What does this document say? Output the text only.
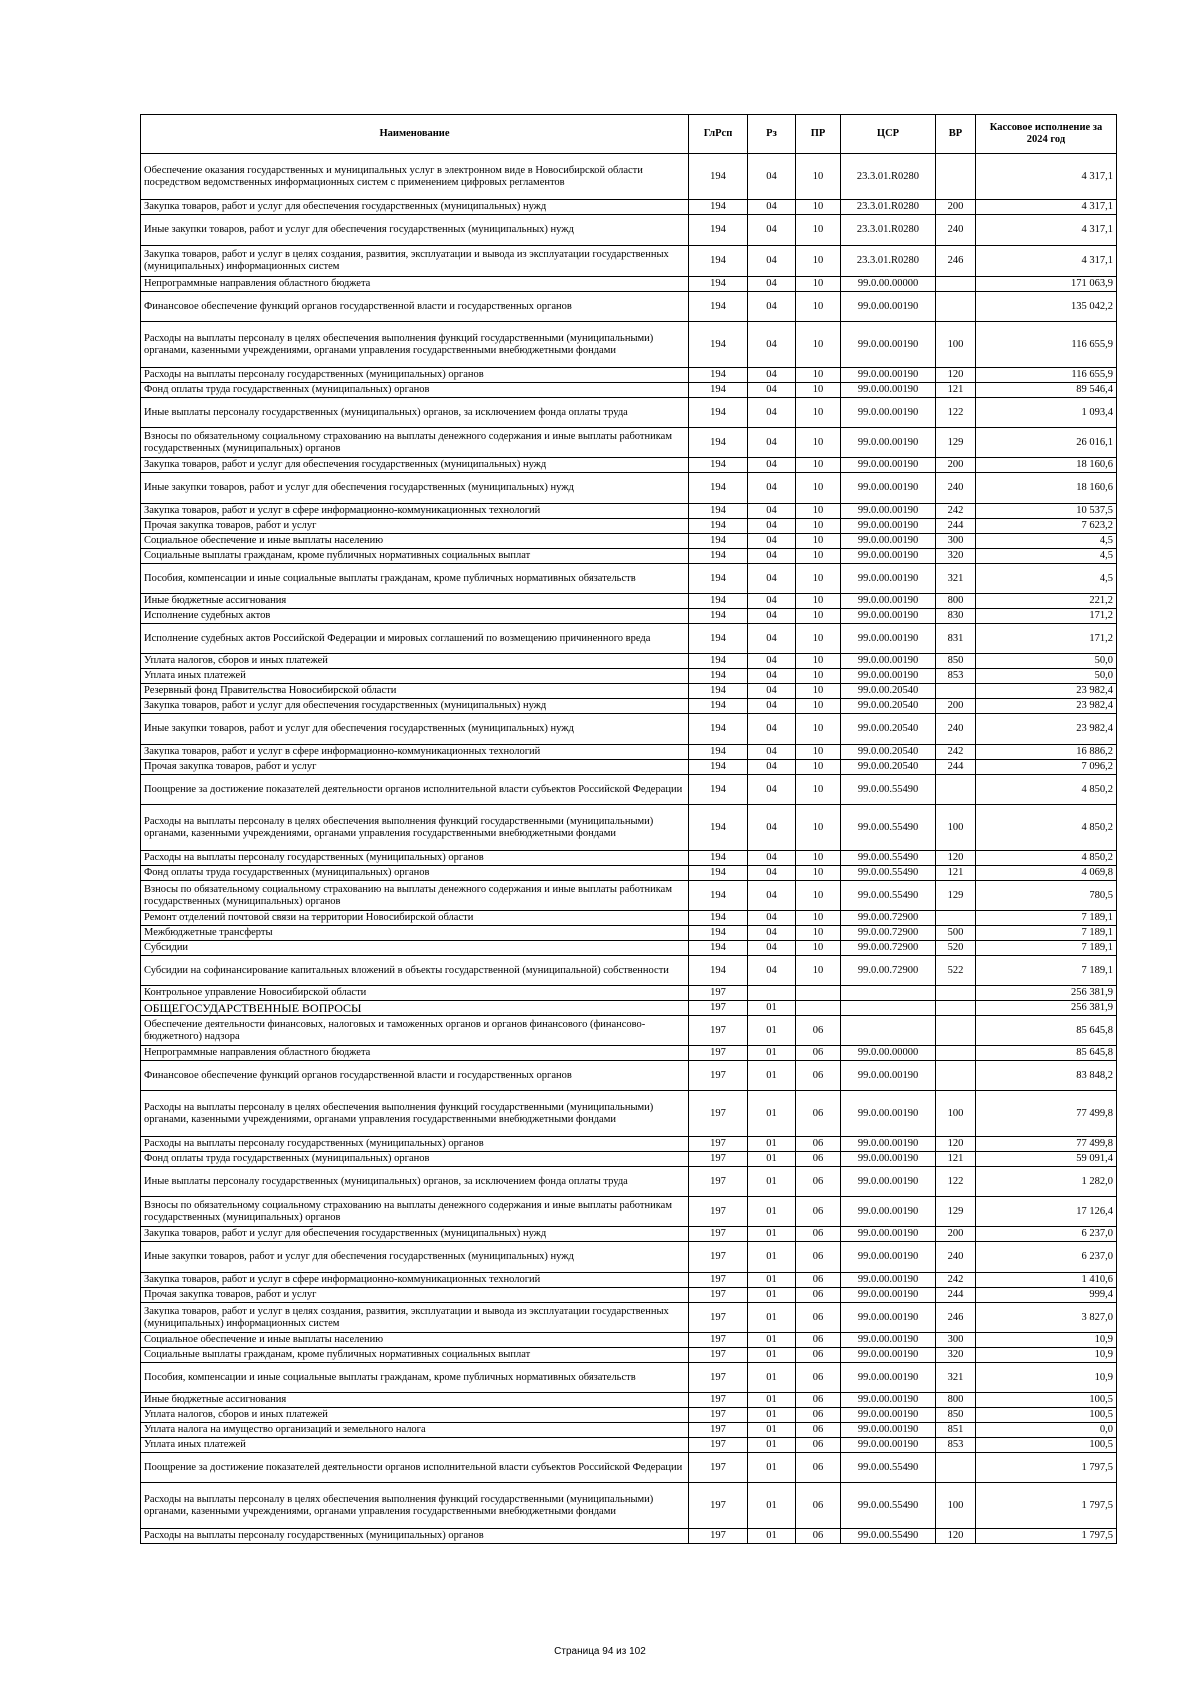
Наименование	ГлРсп	Рз	ПР	ЦСР	ВР	Кассовое исполнение за 2024 год
Обеспечение оказания государственных и муниципальных услуг в электронном виде в Новосибирской области посредством ведомственных информационных систем с применением цифровых регламентов	194	04	10	23.3.01.R0280		4 317,1
Закупка товаров, работ и услуг для обеспечения государственных (муниципальных) нужд	194	04	10	23.3.01.R0280	200	4 317,1
Иные закупки товаров, работ и услуг для обеспечения государственных (муниципальных) нужд	194	04	10	23.3.01.R0280	240	4 317,1
Закупка товаров, работ и услуг в целях создания, развития, эксплуатации и вывода из эксплуатации государственных (муниципальных) информационных систем	194	04	10	23.3.01.R0280	246	4 317,1
Непрограммные направления областного бюджета	194	04	10	99.0.00.00000		171 063,9
Финансовое обеспечение функций органов государственной власти и государственных органов	194	04	10	99.0.00.00190		135 042,2
Расходы на выплаты персоналу в целях обеспечения выполнения функций государственными (муниципальными) органами, казенными учреждениями, органами управления государственными внебюджетными фондами	194	04	10	99.0.00.00190	100	116 655,9
Расходы на выплаты персоналу государственных (муниципальных) органов	194	04	10	99.0.00.00190	120	116 655,9
Фонд оплаты труда государственных (муниципальных) органов	194	04	10	99.0.00.00190	121	89 546,4
Иные выплаты персоналу государственных (муниципальных) органов, за исключением фонда оплаты труда	194	04	10	99.0.00.00190	122	1 093,4
Взносы по обязательному социальному страхованию на выплаты денежного содержания и иные выплаты работникам государственных (муниципальных) органов	194	04	10	99.0.00.00190	129	26 016,1
Закупка товаров, работ и услуг для обеспечения государственных (муниципальных) нужд	194	04	10	99.0.00.00190	200	18 160,6
Иные закупки товаров, работ и услуг для обеспечения государственных (муниципальных) нужд	194	04	10	99.0.00.00190	240	18 160,6
Закупка товаров, работ и услуг в сфере информационно-коммуникационных технологий	194	04	10	99.0.00.00190	242	10 537,5
Прочая закупка товаров, работ и услуг	194	04	10	99.0.00.00190	244	7 623,2
Социальное обеспечение и иные выплаты населению	194	04	10	99.0.00.00190	300	4,5
Социальные выплаты гражданам, кроме публичных нормативных социальных выплат	194	04	10	99.0.00.00190	320	4,5
Пособия, компенсации и иные социальные выплаты гражданам, кроме публичных нормативных обязательств	194	04	10	99.0.00.00190	321	4,5
Иные бюджетные ассигнования	194	04	10	99.0.00.00190	800	221,2
Исполнение судебных актов	194	04	10	99.0.00.00190	830	171,2
Исполнение судебных актов Российской Федерации и мировых соглашений по возмещению причиненного вреда	194	04	10	99.0.00.00190	831	171,2
Уплата налогов, сборов и иных платежей	194	04	10	99.0.00.00190	850	50,0
Уплата иных платежей	194	04	10	99.0.00.00190	853	50,0
Резервный фонд Правительства Новосибирской области	194	04	10	99.0.00.20540		23 982,4
Закупка товаров, работ и услуг для обеспечения государственных (муниципальных) нужд	194	04	10	99.0.00.20540	200	23 982,4
Иные закупки товаров, работ и услуг для обеспечения государственных (муниципальных) нужд	194	04	10	99.0.00.20540	240	23 982,4
Закупка товаров, работ и услуг в сфере информационно-коммуникационных технологий	194	04	10	99.0.00.20540	242	16 886,2
Прочая закупка товаров, работ и услуг	194	04	10	99.0.00.20540	244	7 096,2
Поощрение за достижение показателей деятельности органов исполнительной власти субъектов Российской Федерации	194	04	10	99.0.00.55490		4 850,2
Расходы на выплаты персоналу в целях обеспечения выполнения функций государственными (муниципальными) органами, казенными учреждениями, органами управления государственными внебюджетными фондами	194	04	10	99.0.00.55490	100	4 850,2
Расходы на выплаты персоналу государственных (муниципальных) органов	194	04	10	99.0.00.55490	120	4 850,2
Фонд оплаты труда государственных (муниципальных) органов	194	04	10	99.0.00.55490	121	4 069,8
Взносы по обязательному социальному страхованию на выплаты денежного содержания и иные выплаты работникам государственных (муниципальных) органов	194	04	10	99.0.00.55490	129	780,5
Ремонт отделений почтовой связи на территории Новосибирской области	194	04	10	99.0.00.72900		7 189,1
Межбюджетные трансферты	194	04	10	99.0.00.72900	500	7 189,1
Субсидии	194	04	10	99.0.00.72900	520	7 189,1
Субсидии на софинансирование капитальных вложений в объекты государственной (муниципальной) собственности	194	04	10	99.0.00.72900	522	7 189,1
Контрольное управление Новосибирской области	197					256 381,9
ОБЩЕГОСУДАРСТВЕННЫЕ ВОПРОСЫ	197	01				256 381,9
Обеспечение деятельности финансовых, налоговых и таможенных органов и органов финансового (финансово-бюджетного) надзора	197	01	06			85 645,8
Непрограммные направления областного бюджета	197	01	06	99.0.00.00000		85 645,8
Финансовое обеспечение функций органов государственной власти и государственных органов	197	01	06	99.0.00.00190		83 848,2
Расходы на выплаты персоналу в целях обеспечения выполнения функций государственными (муниципальными) органами, казенными учреждениями, органами управления государственными внебюджетными фондами	197	01	06	99.0.00.00190	100	77 499,8
Расходы на выплаты персоналу государственных (муниципальных) органов	197	01	06	99.0.00.00190	120	77 499,8
Фонд оплаты труда государственных (муниципальных) органов	197	01	06	99.0.00.00190	121	59 091,4
Иные выплаты персоналу государственных (муниципальных) органов, за исключением фонда оплаты труда	197	01	06	99.0.00.00190	122	1 282,0
Взносы по обязательному социальному страхованию на выплаты денежного содержания и иные выплаты работникам государственных (муниципальных) органов	197	01	06	99.0.00.00190	129	17 126,4
Закупка товаров, работ и услуг для обеспечения государственных (муниципальных) нужд	197	01	06	99.0.00.00190	200	6 237,0
Иные закупки товаров, работ и услуг для обеспечения государственных (муниципальных) нужд	197	01	06	99.0.00.00190	240	6 237,0
Закупка товаров, работ и услуг в сфере информационно-коммуникационных технологий	197	01	06	99.0.00.00190	242	1 410,6
Прочая закупка товаров, работ и услуг	197	01	06	99.0.00.00190	244	999,4
Закупка товаров, работ и услуг в целях создания, развития, эксплуатации и вывода из эксплуатации государственных (муниципальных) информационных систем	197	01	06	99.0.00.00190	246	3 827,0
Социальное обеспечение и иные выплаты населению	197	01	06	99.0.00.00190	300	10,9
Социальные выплаты гражданам, кроме публичных нормативных социальных выплат	197	01	06	99.0.00.00190	320	10,9
Пособия, компенсации и иные социальные выплаты гражданам, кроме публичных нормативных обязательств	197	01	06	99.0.00.00190	321	10,9
Иные бюджетные ассигнования	197	01	06	99.0.00.00190	800	100,5
Уплата налогов, сборов и иных платежей	197	01	06	99.0.00.00190	850	100,5
Уплата налога на имущество организаций и земельного налога	197	01	06	99.0.00.00190	851	0,0
Уплата иных платежей	197	01	06	99.0.00.00190	853	100,5
Поощрение за достижение показателей деятельности органов исполнительной власти субъектов Российской Федерации	197	01	06	99.0.00.55490		1 797,5
Расходы на выплаты персоналу в целях обеспечения выполнения функций государственными (муниципальными) органами, казенными учреждениями, органами управления государственными внебюджетными фондами	197	01	06	99.0.00.55490	100	1 797,5
Расходы на выплаты персоналу государственных (муниципальных) органов	197	01	06	99.0.00.55490	120	1 797,5
Страница 94 из 102
